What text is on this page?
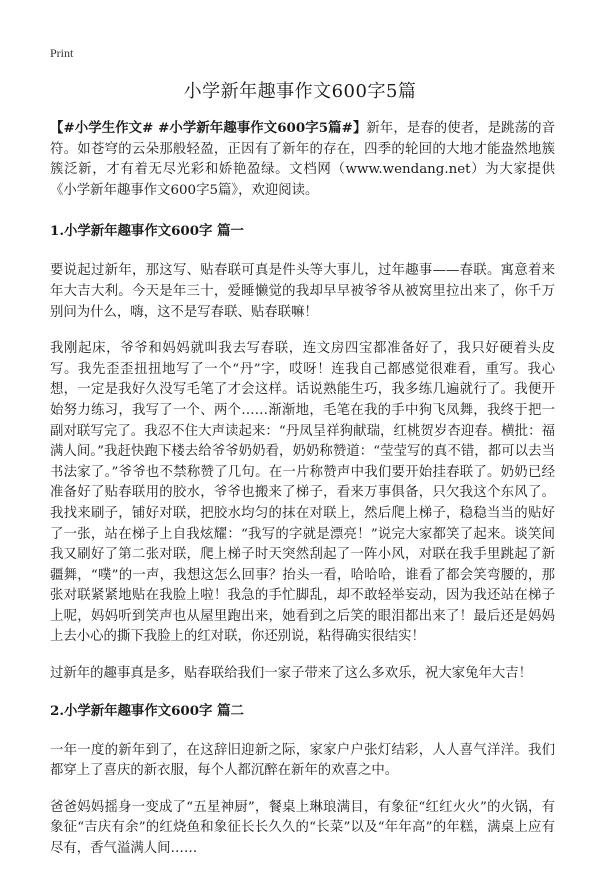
Print
小学新年趣事作文600字5篇

【#小学生作文# #小学新年趣事作文600字5篇#】新年，是春的使者，是跳荡的音符。如苍穹的云朵那般轻盈，正因有了新年的存在，四季的轮回的大地才能盎然地簇簇泛新，才有着无尽光彩和娇艳盈绿。文档网（www.wendang.net）为大家提供《小学新年趣事作文600字5篇》，欢迎阅读。

1.小学新年趣事作文600字 篇一

要说起过新年，那这写、贴春联可真是件头等大事儿，过年趣事——春联。寓意着来年大吉大利。今天是年三十，爱睡懒觉的我却早早被爷爷从被窝里拉出来了，你千万别问为什么，嗨，这不是写春联、贴春联嘛！

我刚起床，爷爷和妈妈就叫我去写春联，连文房四宝都准备好了，我只好硬着头皮写。我先歪歪扭扭地写了一个“丹”字，哎呀！连我自己都感觉很难看，重写。我心想，一定是我好久没写毛笔了才会这样。话说熟能生巧，我多练几遍就行了。我便开始努力练习，我写了一个、两个……渐渐地，毛笔在我的手中狗飞凤舞，我终于把一副对联写完了。我忍不住大声读起来：“丹凤呈祥狗献瑞，红桃贺岁杏迎春。横批：福满人间。”我赶快跑下楼去给爷爷奶奶看，奶奶称赞道：“莹莹写的真不错，都可以去当书法家了。”爷爷也不禁称赞了几句。在一片称赞声中我们要开始挂春联了。奶奶已经准备好了贴春联用的胶水，爷爷也搬来了梯子，看来万事俱备，只欠我这个东风了。我找来刷子，铺好对联，把胶水均匀的抹在对联上，然后爬上梯子，稳稳当当的贴好了一张，站在梯子上自我炫耀：“我写的字就是漂亮！”说完大家都笑了起来。谈笑间我又刷好了第二张对联，爬上梯子时天突然刮起了一阵小风，对联在我手里跳起了新疆舞，“噗”的一声，我想这怎么回事？抬头一看，哈哈哈，谁看了都会笑弯腰的，那张对联紧紧地贴在我脸上啦！我急的手忙脚乱，却不敢轻举妄动，因为我还站在梯子上呢，妈妈听到笑声也从屋里跑出来，她看到之后笑的眼泪都出来了！最后还是妈妈上去小心的撕下我脸上的红对联，你还别说，粘得确实很结实！

过新年的趣事真是多，贴春联给我们一家子带来了这么多欢乐，祝大家兔年大吉！

2.小学新年趣事作文600字 篇二

一年一度的新年到了，在这辞旧迎新之际，家家户户张灯结彩，人人喜气洋洋。我们都穿上了喜庆的新衣服，每个人都沉醉在新年的欢喜之中。

爸爸妈妈摇身一变成了“五星神厨”，餐桌上琳琅满目，有象征“红红火火”的火锅，有象征“吉庆有余”的红烧鱼和象征长长久久的“长菜”以及“年年高”的年糕，满桌上应有尽有，香气溢满人间……
